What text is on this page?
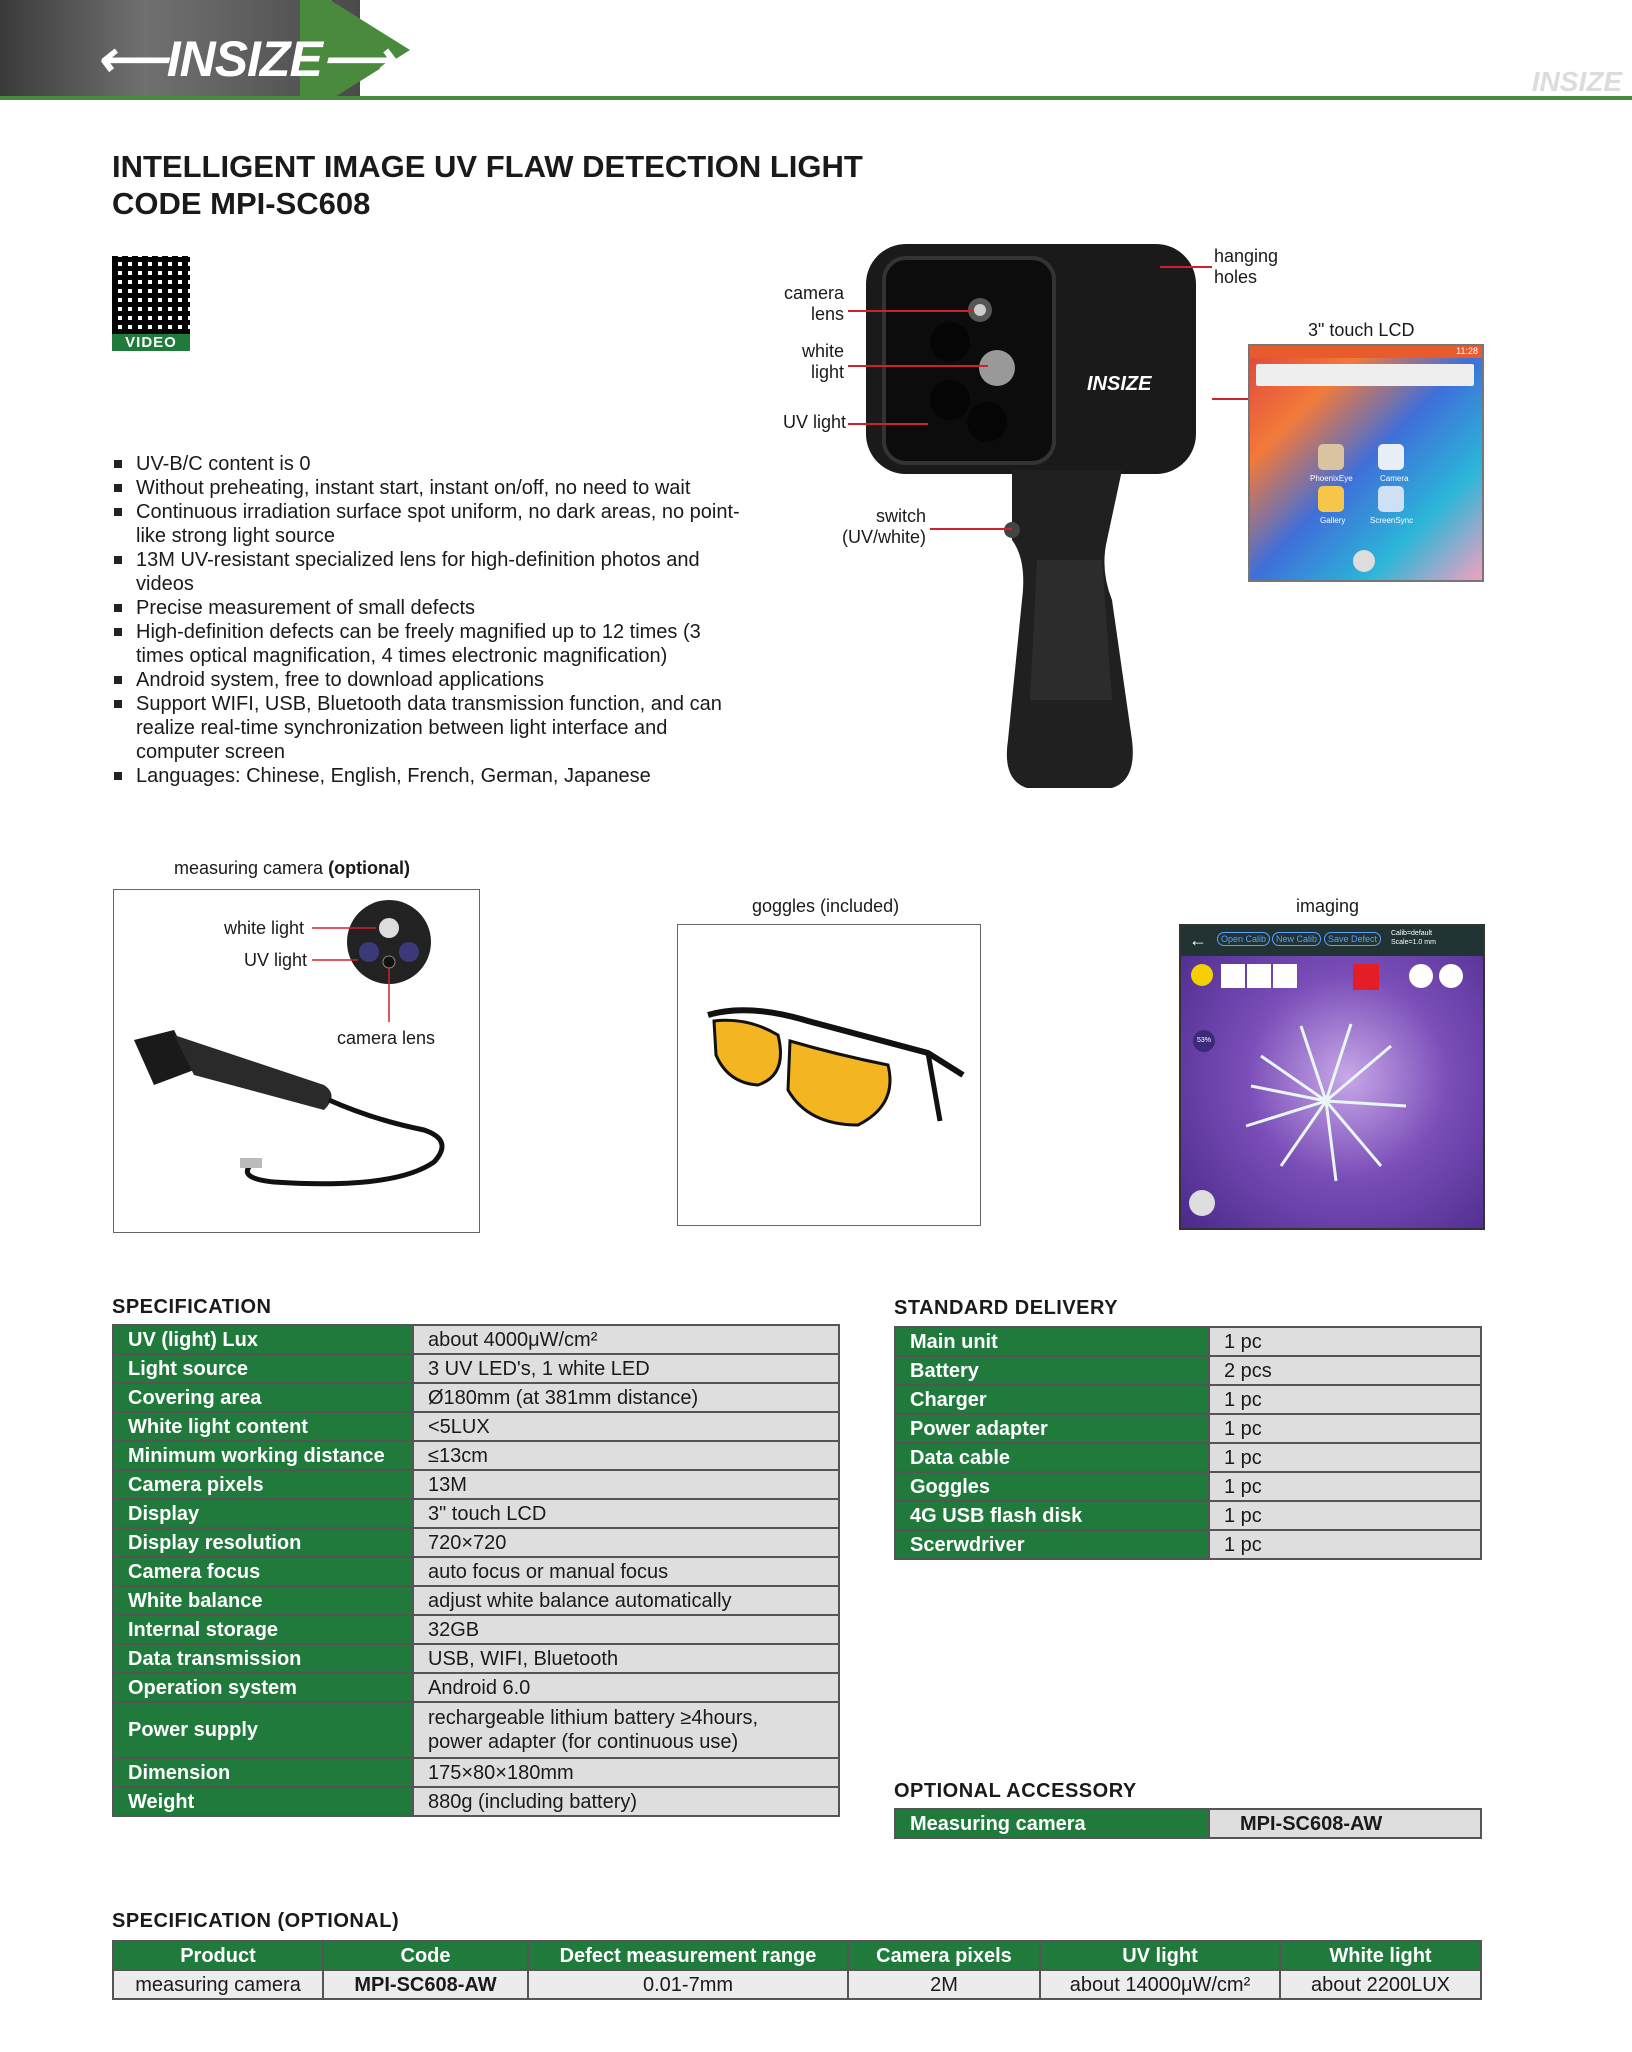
⟵INSIZE⟶	INSIZE
INTELLIGENT IMAGE UV FLAW DETECTION LIGHT
CODE MPI-SC608
VIDEO
UV-B/C content is 0
Without preheating, instant start, instant on/off, no need to wait
Continuous irradiation surface spot uniform, no dark areas, no point-like strong light source
13M UV-resistant specialized lens for high-definition photos and videos
Precise measurement of small defects
High-definition defects can be freely magnified up to 12 times (3 times optical magnification, 4 times electronic magnification)
Android system, free to download applications
Support WIFI, USB, Bluetooth data transmission function, and can realize real-time synchronization between light interface and computer screen
Languages: Chinese, English, French, German, Japanese
INSIZE
camera
lens
white
light
UV light
switch
(UV/white)
hanging
holes
3" touch LCD
11:28
PhoenixEye	Camera
Gallery	ScreenSync
measuring camera (optional)
white light
UV light
camera lens
goggles (included)	imaging
←	Open Calib	New Calib	Save Defect
Calib=default
Scale=1.0 mm
53%
SPECIFICATION
UV (light) Lux	about 4000μW/cm²
Light source	3 UV LED's, 1 white LED
Covering area	Ø180mm (at 381mm distance)
White light content	<5LUX
Minimum working distance	≤13cm
Camera pixels	13M
Display	3" touch LCD
Display resolution	720×720
Camera focus	auto focus or manual focus
White balance	adjust white balance automatically
Internal storage	32GB
Data transmission	USB, WIFI, Bluetooth
Operation system	Android 6.0
Power supply	rechargeable lithium battery ≥4hours,
power adapter (for continuous use)
Dimension	175×80×180mm
Weight	880g (including battery)
STANDARD DELIVERY
Main unit	1 pc
Battery	2 pcs
Charger	1 pc
Power adapter	1 pc
Data cable	1 pc
Goggles	1 pc
4G USB flash disk	1 pc
Scerwdriver	1 pc
OPTIONAL ACCESSORY
Measuring camera	MPI-SC608-AW
SPECIFICATION (OPTIONAL)
Product	Code	Defect measurement range	Camera pixels	UV light	White light
measuring camera	MPI-SC608-AW	0.01-7mm	2M	about 14000μW/cm²	about 2200LUX
